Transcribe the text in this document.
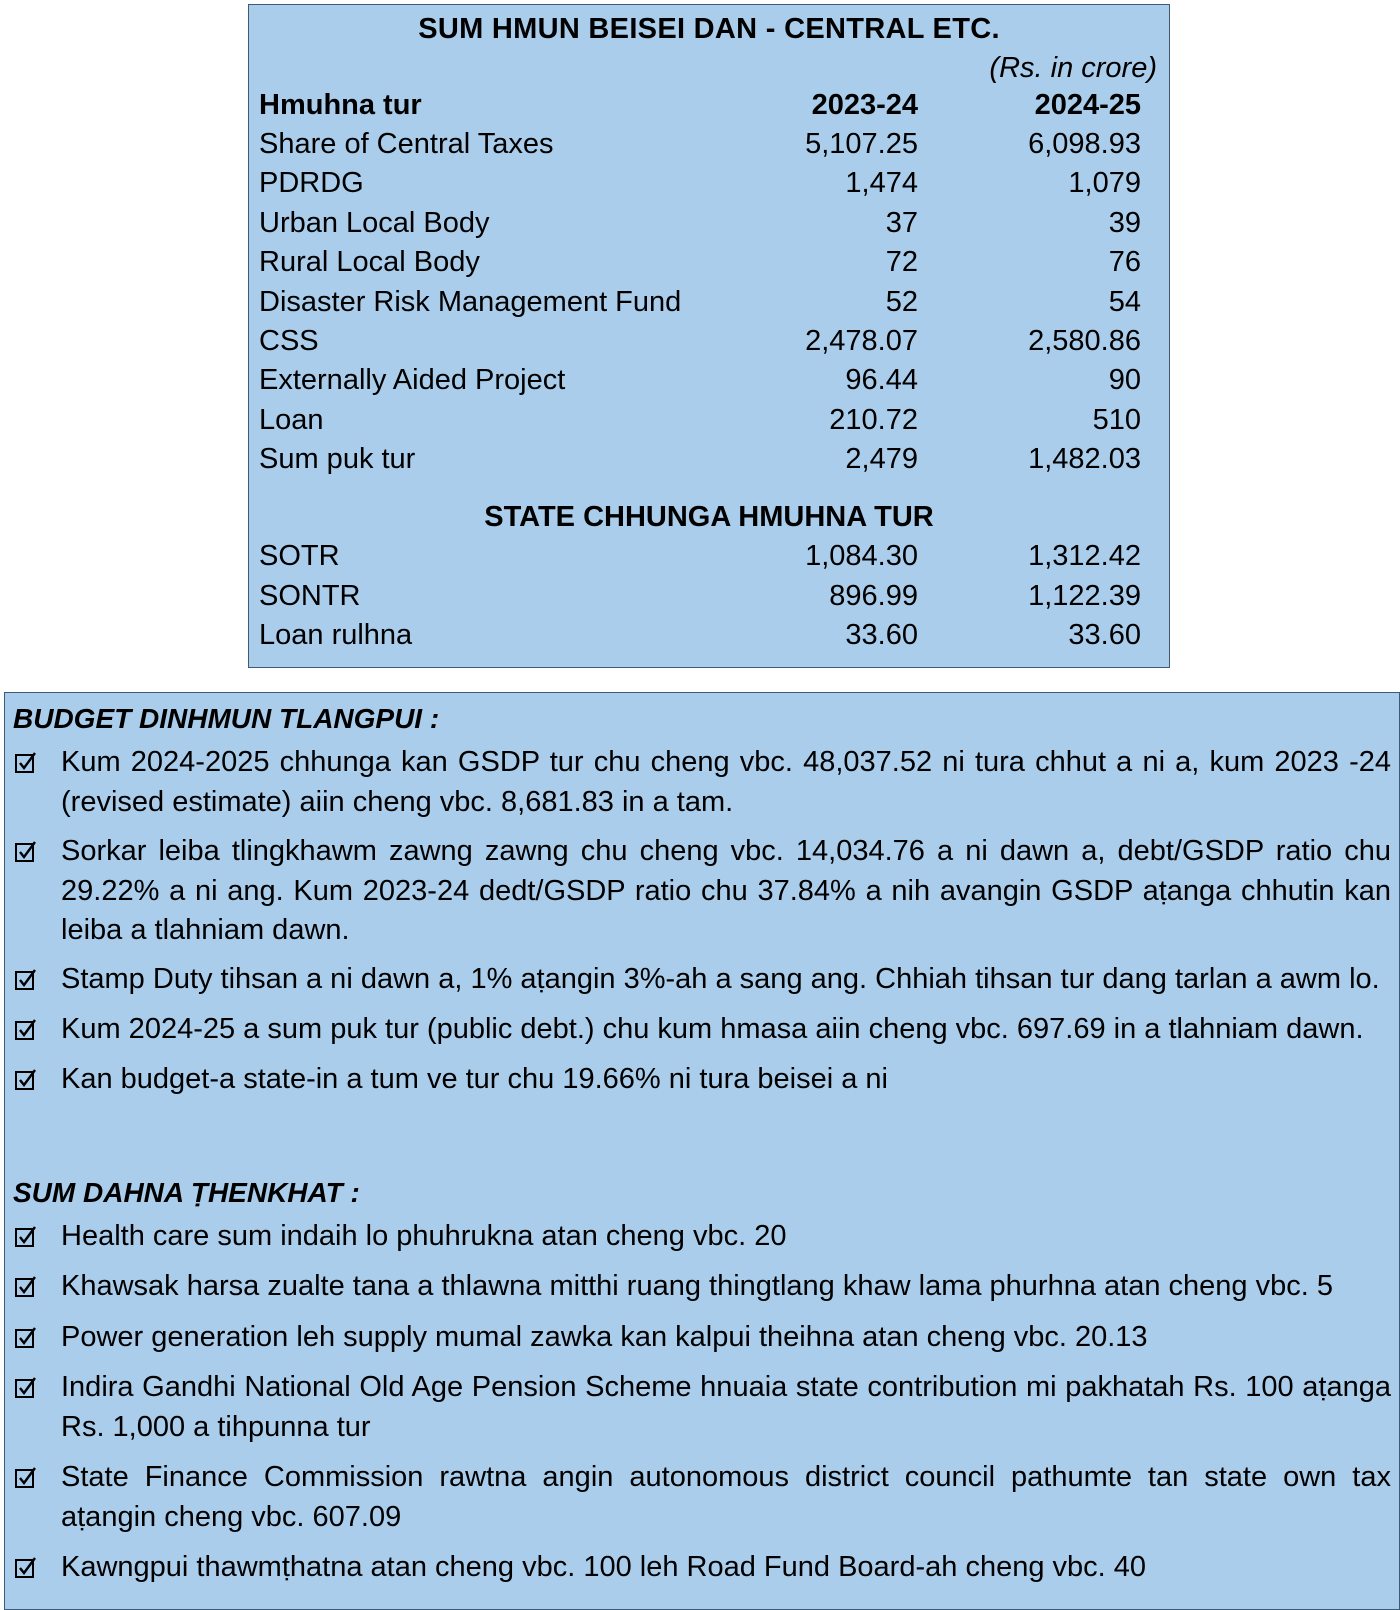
SUM HMUN BEISEI DAN - CENTRAL ETC.
(Rs. in crore)
Hmuhna tur	2023-24	2024-25
Share of Central Taxes	5,107.25	6,098.93
PDRDG	1,474	1,079
Urban Local Body	37	39
Rural Local Body	72	76
Disaster Risk Management Fund	52	54
CSS	2,478.07	2,580.86
Externally Aided Project	96.44	90
Loan	210.72	510
Sum puk tur	2,479	1,482.03
STATE CHHUNGA HMUHNA TUR
SOTR	1,084.30	1,312.42
SONTR	896.99	1,122.39
Loan rulhna	33.60	33.60
BUDGET DINHMUN TLANGPUI :
Kum 2024-2025 chhunga kan GSDP tur chu cheng vbc. 48,037.52 ni tura chhut a ni a, kum 2023 -24 (revised estimate) aiin cheng vbc. 8,681.83 in a tam.
Sorkar leiba tlingkhawm zawng zawng chu cheng vbc. 14,034.76 a ni dawn a, debt/GSDP ratio chu 29.22% a ni ang. Kum 2023-24 dedt/GSDP ratio chu 37.84% a nih avangin GSDP aṭanga chhutin kan leiba a tlahniam dawn.
Stamp Duty tihsan a ni dawn a, 1% aṭangin 3%-ah a sang ang. Chhiah tihsan tur dang tarlan a awm lo.
Kum 2024-25 a sum puk tur (public debt.) chu kum hmasa aiin cheng vbc. 697.69 in a tlahniam dawn.
Kan budget-a state-in a tum ve tur chu 19.66% ni tura beisei a ni
SUM DAHNA ṬHENKHAT :
Health care sum indaih lo phuhrukna atan cheng vbc. 20
Khawsak harsa zualte tana a thlawna mitthi ruang thingtlang khaw lama phurhna atan cheng vbc. 5
Power generation leh supply mumal zawka kan kalpui theihna atan cheng vbc. 20.13
Indira Gandhi National Old Age Pension Scheme hnuaia state contribution mi pakhatah Rs. 100 aṭanga Rs. 1,000 a tihpunna tur
State Finance Commission rawtna angin autonomous district council pathumte tan state own tax aṭangin cheng vbc. 607.09
Kawngpui thawmṭhatna atan cheng vbc. 100 leh Road Fund Board-ah cheng vbc. 40
